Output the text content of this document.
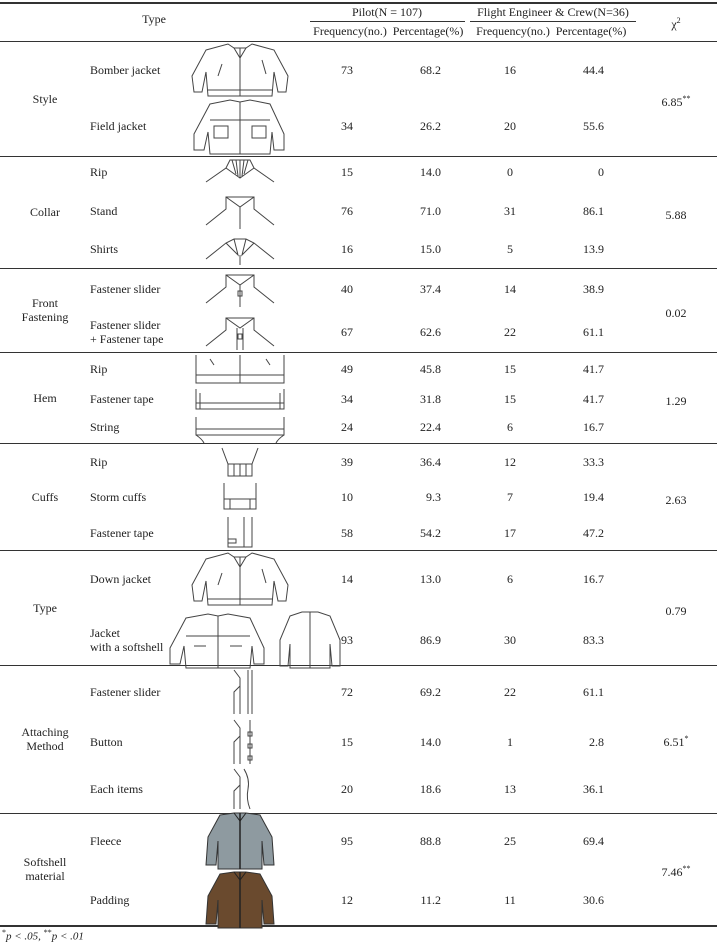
Type	Pilot(N = 107)	Flight Engineer & Crew(N=36)
Frequency(no.) Percentage(%) Frequency(no.) Percentage(%)	$\chi^2$
Style	6.85**
Bomber jacket	73	68.2	16	44.4
Field jacket	34	26.2	20	55.6
Collar	5.88
Rip	15	14.0	0	0
Stand	76	71.0	31	86.1
Shirts	16	15.0	5	13.9
Front
Fastening	0.02
Fastener slider	40	37.4	14	38.9
Fastener slider
+ Fastener tape	67	62.6	22	61.1
Hem	1.29
Rip	49	45.8	15	41.7
Fastener tape	34	31.8	15	41.7
String	24	22.4	6	16.7
Cuffs	2.63
Rip	39	36.4	12	33.3
Storm cuffs	10	9.3	7	19.4
Fastener tape	58	54.2	17	47.2
Type	0.79
Down jacket	14	13.0	6	16.7
Jacket
with a softshell	93	86.9	30	83.3
Attaching
Method	6.51*
Fastener slider	72	69.2	22	61.1
Button	15	14.0	1	2.8
Each items	20	18.6	13	36.1
Softshell
material	7.46**
Fleece	95	88.8	25	69.4
Padding	12	11.2	11	30.6
*p < .05, **p < .01
